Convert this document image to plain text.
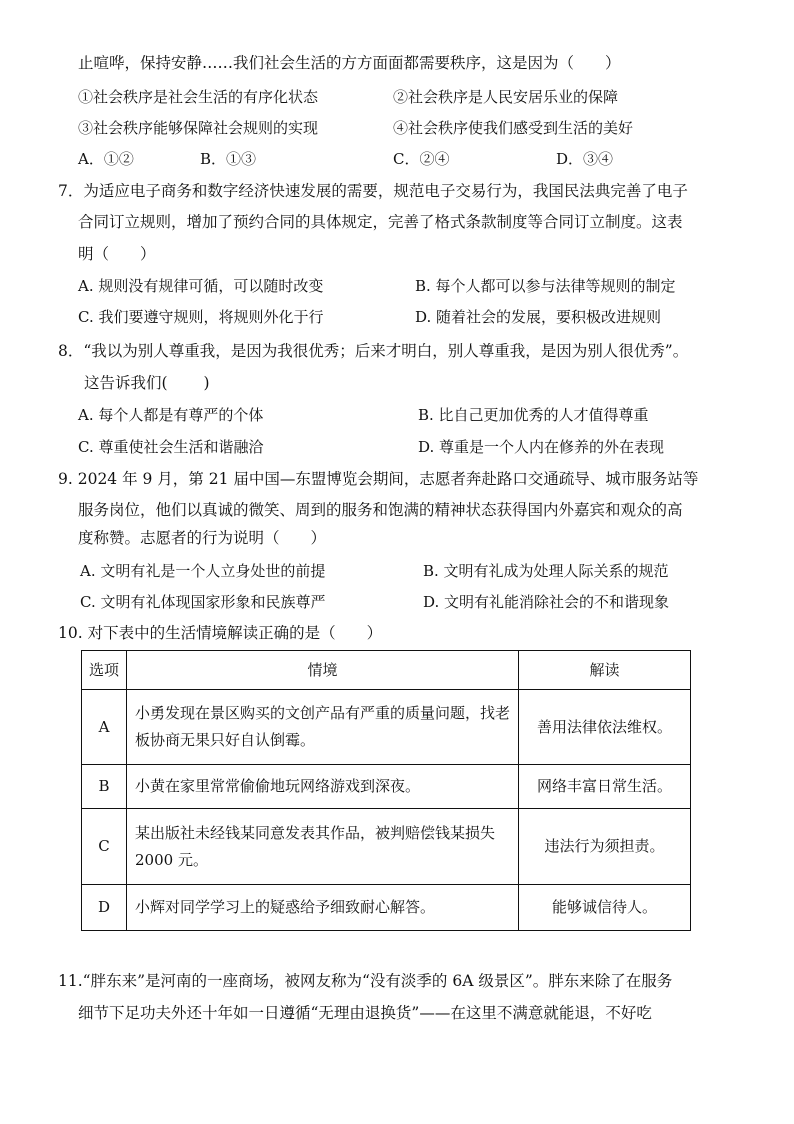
止喧哗，保持安静……我们社会生活的方方面面都需要秩序，这是因为（　　）
①社会秩序是社会生活的有序化状态	②社会秩序是人民安居乐业的保障
③社会秩序能够保障社会规则的实现	④社会秩序使我们感受到生活的美好
A．①②	B．①③	C．②④	D．③④
7．为适应电子商务和数字经济快速发展的需要，规范电子交易行为，我国民法典完善了电子
合同订立规则，增加了预约合同的具体规定，完善了格式条款制度等合同订立制度。这表
明（　　）
A. 规则没有规律可循，可以随时改变	B. 每个人都可以参与法律等规则的制定
C. 我们要遵守规则，将规则外化于行	D. 随着社会的发展，要积极改进规则
8．“我以为别人尊重我，是因为我很优秀；后来才明白，别人尊重我，是因为别人很优秀”。
这告诉我们(　　 )
A. 每个人都是有尊严的个体	B. 比自己更加优秀的人才值得尊重
C. 尊重使社会生活和谐融洽	D. 尊重是一个人内在修养的外在表现
9. 2024 年 9 月，第 21 届中国—东盟博览会期间，志愿者奔赴路口交通疏导、城市服务站等
服务岗位，他们以真诚的微笑、周到的服务和饱满的精神状态获得国内外嘉宾和观众的高
度称赞。志愿者的行为说明（　　）
A. 文明有礼是一个人立身处世的前提	B. 文明有礼成为处理人际关系的规范
C. 文明有礼体现国家形象和民族尊严	D. 文明有礼能消除社会的不和谐现象
10. 对下表中的生活情境解读正确的是（　　）
选项	情境	解读
A	小勇发现在景区购买的文创产品有严重的质量问题，找老板协商无果只好自认倒霉。	善用法律依法维权。
B	小黄在家里常常偷偷地玩网络游戏到深夜。	网络丰富日常生活。
C	某出版社未经钱某同意发表其作品，被判赔偿钱某损失 2000 元。	违法行为须担责。
D	小辉对同学学习上的疑惑给予细致耐心解答。	能够诚信待人。
11.“胖东来”是河南的一座商场，被网友称为“没有淡季的 6A 级景区”。胖东来除了在服务
细节下足功夫外还十年如一日遵循“无理由退换货”——在这里不满意就能退，不好吃
